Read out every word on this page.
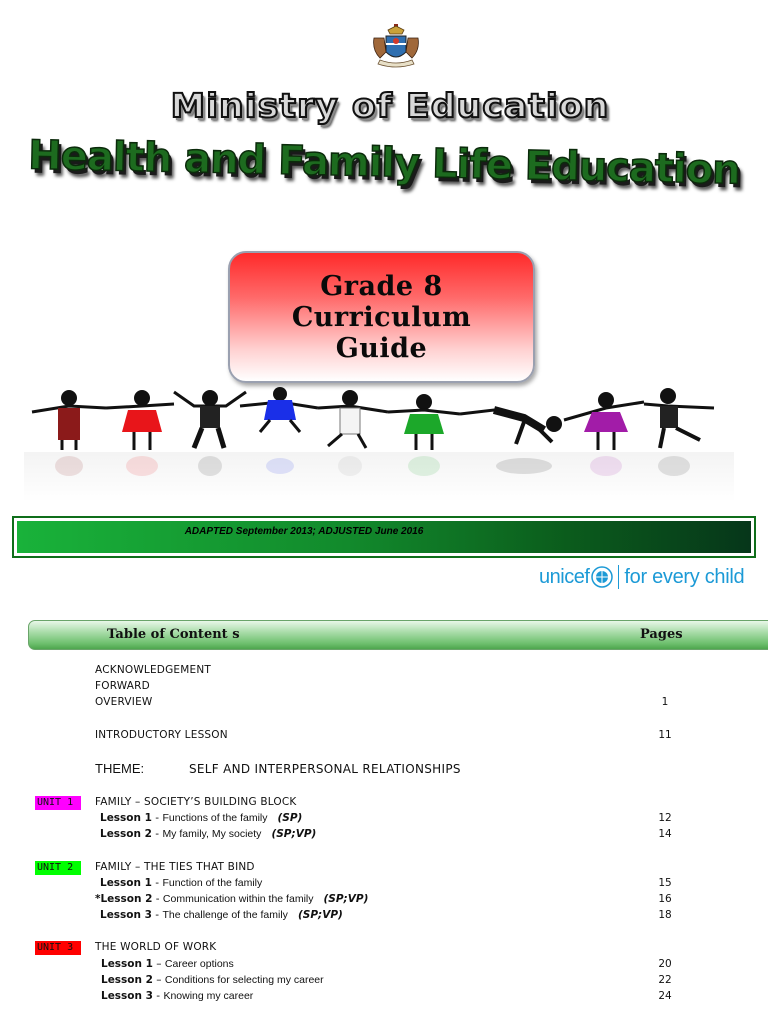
Ministry of Education
Health and Family Life Education
Grade 8
Curriculum
Guide
ADAPTED September 2013; ADJUSTED June 2016
unicef for every child
Table of Content s	Pages
ACKNOWLEDGEMENT
FORWARD
OVERVIEW	1
INTRODUCTORY LESSON	11
THEME:	SELF AND INTERPERSONAL RELATIONSHIPS
UNIT 1	FAMILY – SOCIETY’S BUILDING BLOCK
Lesson 1 - Functions of the family (SP)	12
Lesson 2 - My family, My society (SP;VP)	14
UNIT 2	FAMILY – THE TIES THAT BIND
Lesson 1 - Function of the family	15
*Lesson 2 - Communication within the family (SP;VP)	16
Lesson 3 - The challenge of the family (SP;VP)	18
UNIT 3	THE WORLD OF WORK
Lesson 1 – Career options	20
Lesson 2 – Conditions for selecting my career	22
Lesson 3 - Knowing my career	24
